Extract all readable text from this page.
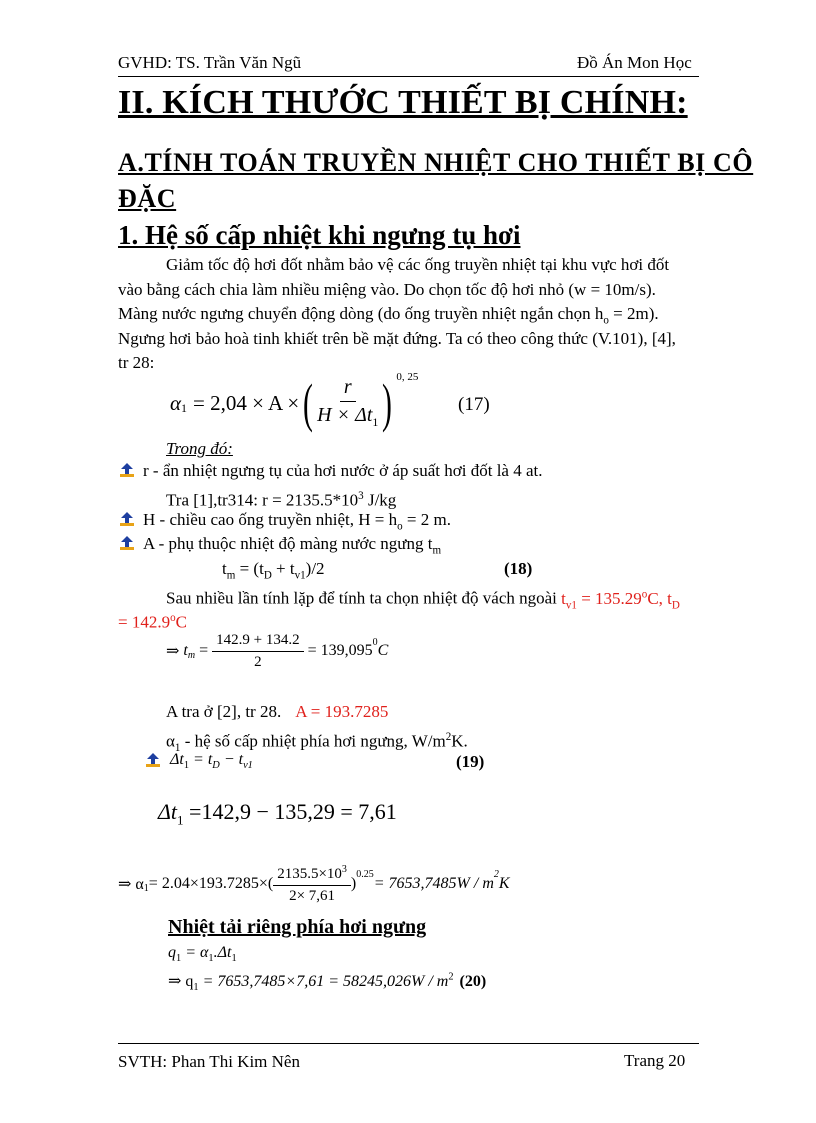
GVHD: TS. Trần Văn Ngũ	Đồ Án Mon Học
II. KÍCH THƯỚC THIẾT BỊ CHÍNH:
A.TÍNH TOÁN TRUYỀN NHIỆT CHO THIẾT BỊ CÔ
ĐẶC
1. Hệ số cấp nhiệt khi ngưng tụ hơi
Giảm tốc độ hơi đốt nhằm bảo vệ các ống truyền nhiệt tại khu vực hơi đốt
vào bằng cách chia làm nhiều miệng vào. Do chọn tốc độ hơi nhỏ (w = 10m/s).
Màng nước ngưng chuyển động dòng (do ống truyền nhiệt ngắn chọn $h_o = 2m$).
Ngưng hơi bảo hoà tinh khiết trên bề mặt đứng. Ta có theo công thức (V.101), [4],
tr 28:
$\alpha_1 = 2,04 \times A$ × ( $\frac{r}{H \times \Delta t_1}$ ) $^{0, 25}$
(17)
Trong đó:
r - ẩn nhiệt ngưng tụ của hơi nước ở áp suất hơi đốt là 4 at.
Tra [1],tr314: $r = 2135.5*10^3$ J/kg
H - chiều cao ống truyền nhiệt, $H = h_o = 2$ m.
A - phụ thuộc nhiệt độ màng nước ngưng $t_m$
$t_m = (t_D + t_{v1})/2$	(18)
Sau nhiều lần tính lặp để tính ta chọn nhiệt độ vách ngoài $t_{v1} = 135.29^oC$, $t_D$
= $142.9^oC$
⇒ $t_m = \frac{142.9 + 134.2}{2} = 139,095^0$ C
A tra ở [2], tr 28. A = 193.7285
$\alpha_1$ - hệ số cấp nhiệt phía hơi ngưng, $W/m^2K$.
$\Delta t_1 = t_D - t_{v1}$	(19)
$\Delta t_1 =142,9 - 135,29 = 7,61$
⇒ $\alpha_1 = 2.04\times 193.7285\times( \frac{2135.5\times 10^3}{2\times 7,61}$ )
$^{0.25}$
= 7653,7485W / m
$^2$
K
Nhiệt tải riêng phía hơi ngưng
$q_1 = \alpha_1.\Delta t_1$
⇒ $q_1 = 7653,7485\times 7,61 = 58245,026W / m^2$ (20)
SVTH: Phan Thi Kim Nên	Trang 20
